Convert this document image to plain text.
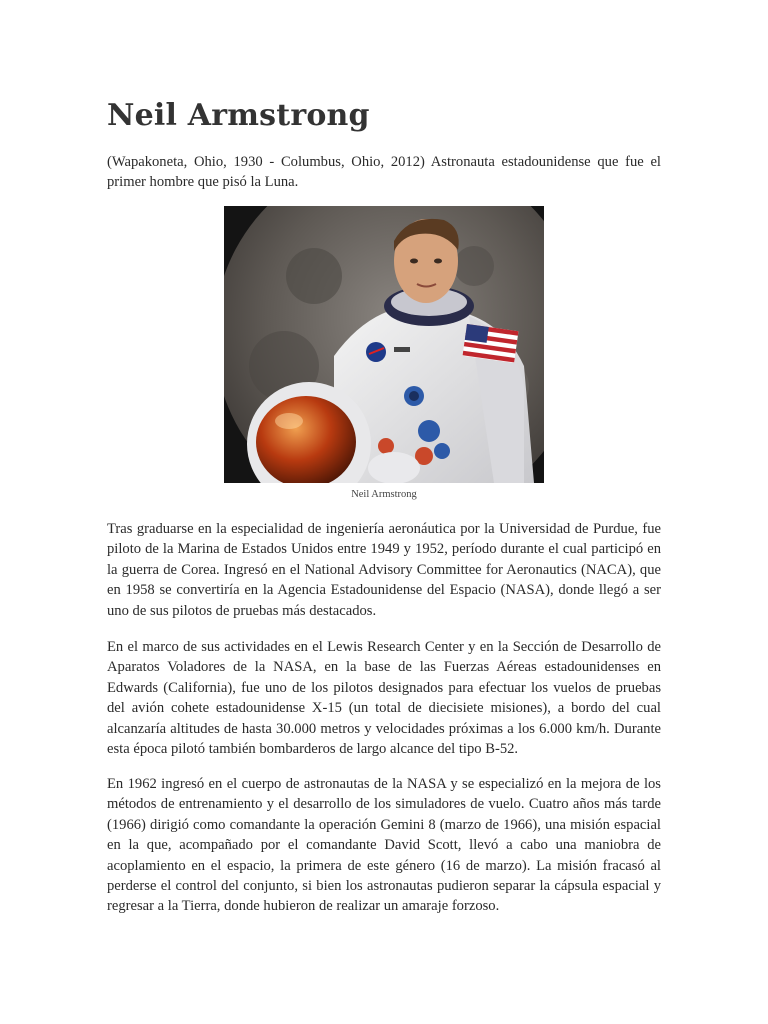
Neil Armstrong

(Wapakoneta, Ohio, 1930 - Columbus, Ohio, 2012) Astronauta estadounidense que fue el primer hombre que pisó la Luna.

Neil Armstrong

Tras graduarse en la especialidad de ingeniería aeronáutica por la Universidad de Purdue, fue piloto de la Marina de Estados Unidos entre 1949 y 1952, período durante el cual participó en la guerra de Corea. Ingresó en el National Advisory Committee for Aeronautics (NACA), que en 1958 se convertiría en la Agencia Estadounidense del Espacio (NASA), donde llegó a ser uno de sus pilotos de pruebas más destacados.

En el marco de sus actividades en el Lewis Research Center y en la Sección de Desarrollo de Aparatos Voladores de la NASA, en la base de las Fuerzas Aéreas estadounidenses en Edwards (California), fue uno de los pilotos designados para efectuar los vuelos de pruebas del avión cohete estadounidense X-15 (un total de diecisiete misiones), a bordo del cual alcanzaría altitudes de hasta 30.000 metros y velocidades próximas a los 6.000 km/h. Durante esta época pilotó también bombarderos de largo alcance del tipo B-52.

En 1962 ingresó en el cuerpo de astronautas de la NASA y se especializó en la mejora de los métodos de entrenamiento y el desarrollo de los simuladores de vuelo. Cuatro años más tarde (1966) dirigió como comandante la operación Gemini 8 (marzo de 1966), una misión espacial en la que, acompañado por el comandante David Scott, llevó a cabo una maniobra de acoplamiento en el espacio, la primera de este género (16 de marzo). La misión fracasó al perderse el control del conjunto, si bien los astronautas pudieron separar la cápsula espacial y regresar a la Tierra, donde hubieron de realizar un amaraje forzoso.
